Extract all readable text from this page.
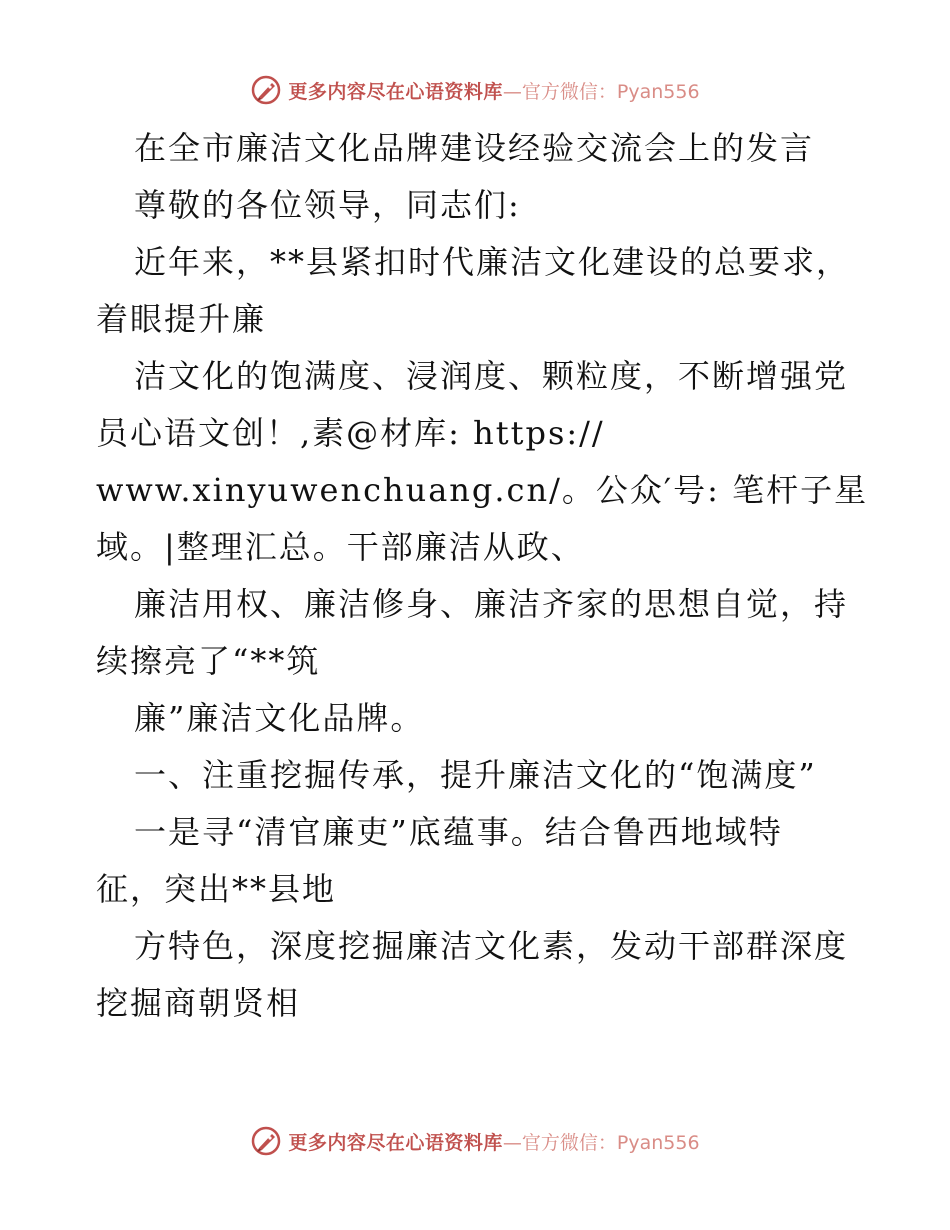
更多内容尽在心语资料库 —官方微信：Pyan556
在全市廉洁文化品牌建设经验交流会上的发言
尊敬的各位领导，同志们:
近年来，**县紧扣时代廉洁文化建设的总要求，
着眼提升廉
洁文化的饱满度、浸润度、颗粒度，不断增强党
员心语文创！,素@材库: https://
www.xinyuwenchuang.cn/。公众′号: 笔杆子星
域。|整理汇总。干部廉洁从政、
廉洁用权、廉洁修身、廉洁齐家的思想自觉，持
续擦亮了“**筑
廉”廉洁文化品牌。
一、注重挖掘传承，提升廉洁文化的“饱满度”
一是寻“清官廉吏”底蕴事。结合鲁西地域特
征，突出**县地
方特色，深度挖掘廉洁文化素，发动干部群深度
挖掘商朝贤相
更多内容尽在心语资料库 —官方微信：Pyan556
